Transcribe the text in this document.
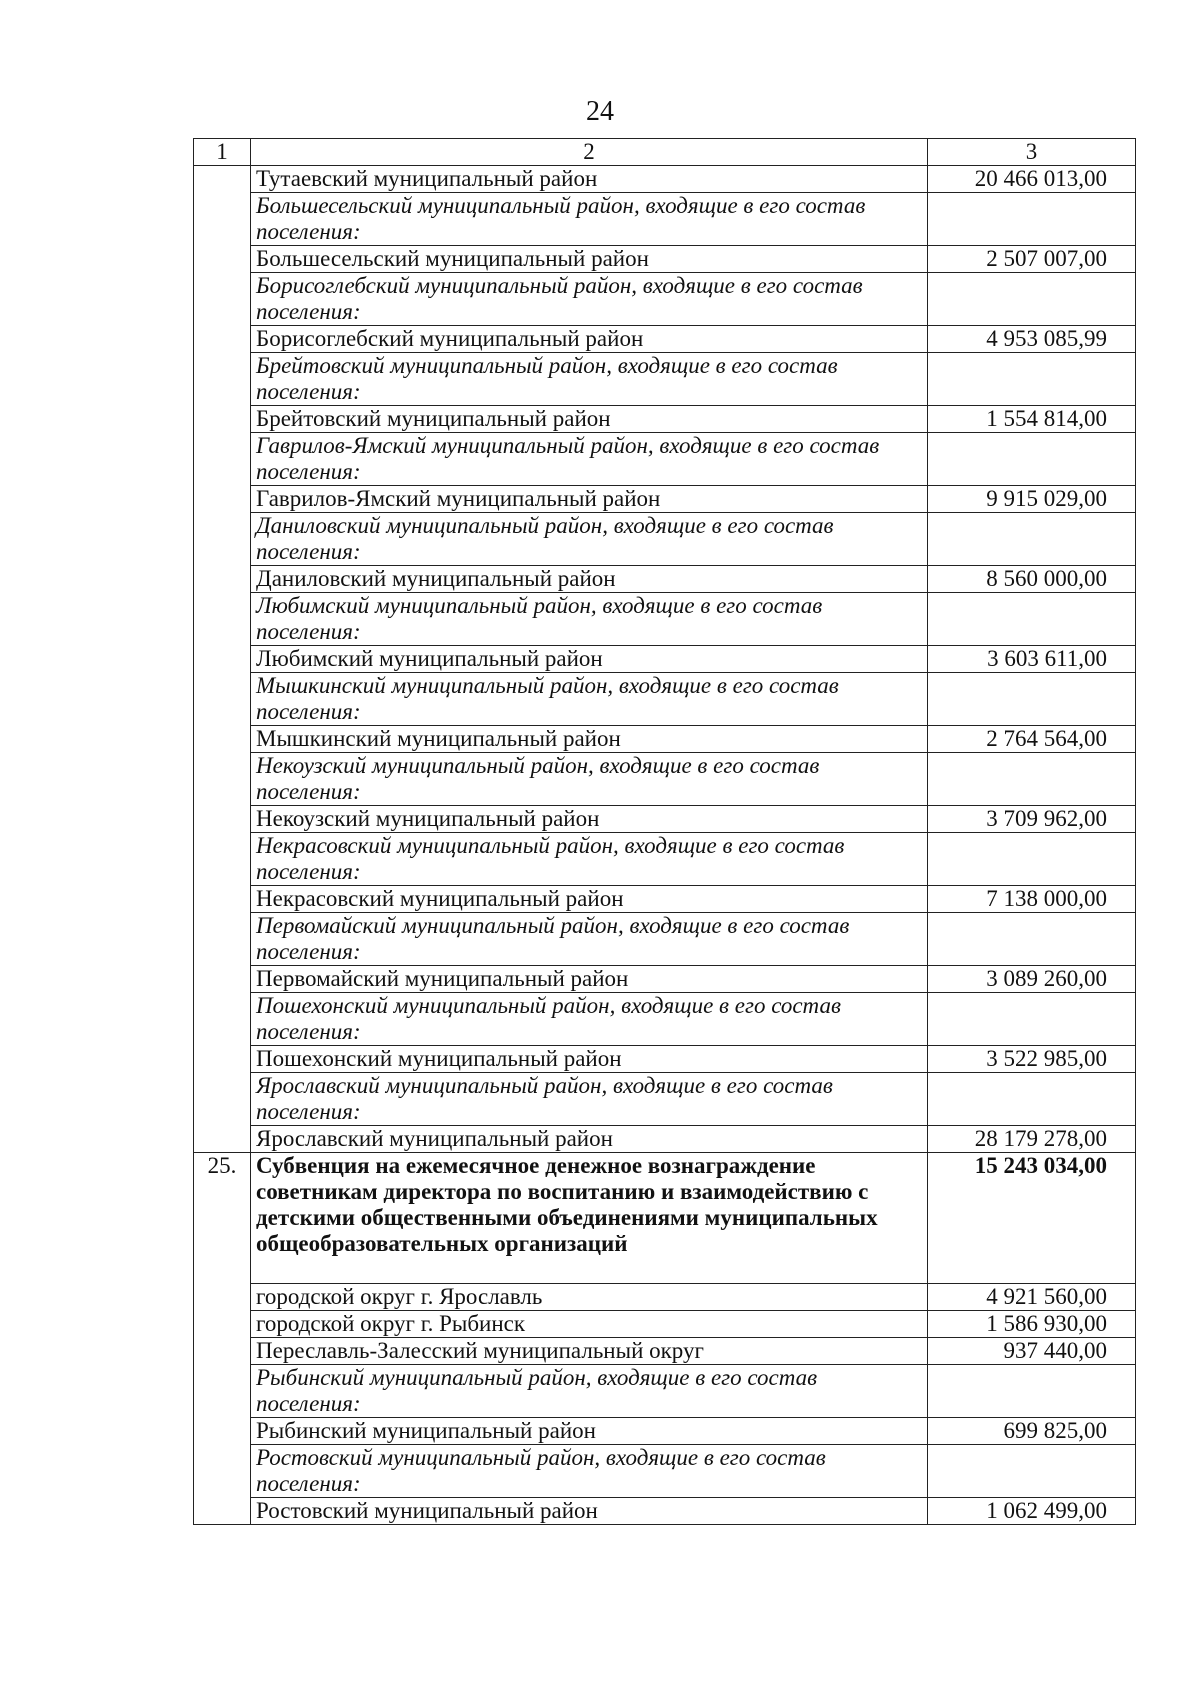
24
1	2	3
	Тутаевский муниципальный район	20 466 013,00
	Большесельский муниципальный район, входящие в его состав поселения:	
	Большесельский муниципальный район	2 507 007,00
	Борисоглебский муниципальный район, входящие в его состав поселения:	
	Борисоглебский муниципальный район	4 953 085,99
	Брейтовский муниципальный район, входящие в его состав поселения:	
	Брейтовский муниципальный район	1 554 814,00
	Гаврилов-Ямский муниципальный район, входящие в его состав поселения:	
	Гаврилов-Ямский муниципальный район	9 915 029,00
	Даниловский муниципальный район, входящие в его состав поселения:	
	Даниловский муниципальный район	8 560 000,00
	Любимский муниципальный район, входящие в его состав поселения:	
	Любимский муниципальный район	3 603 611,00
	Мышкинский муниципальный район, входящие в его состав поселения:	
	Мышкинский муниципальный район	2 764 564,00
	Некоузский муниципальный район, входящие в его состав поселения:	
	Некоузский муниципальный район	3 709 962,00
	Некрасовский муниципальный район, входящие в его состав поселения:	
	Некрасовский муниципальный район	7 138 000,00
	Первомайский муниципальный район, входящие в его состав поселения:	
	Первомайский муниципальный район	3 089 260,00
	Пошехонский муниципальный район, входящие в его состав поселения:	
	Пошехонский муниципальный район	3 522 985,00
	Ярославский муниципальный район, входящие в его состав поселения:	
	Ярославский муниципальный район	28 179 278,00
25.	Субвенция на ежемесячное денежное вознаграждение советникам директора по воспитанию и взаимодействию с детскими общественными объединениями муниципальных общеобразовательных организаций	15 243 034,00
	городской округ г. Ярославль	4 921 560,00
	городской округ г. Рыбинск	1 586 930,00
	Переславль-Залесский муниципальный округ	937 440,00
	Рыбинский муниципальный район, входящие в его состав поселения:	
	Рыбинский муниципальный район	699 825,00
	Ростовский муниципальный район, входящие в его состав поселения:	
	Ростовский муниципальный район	1 062 499,00
